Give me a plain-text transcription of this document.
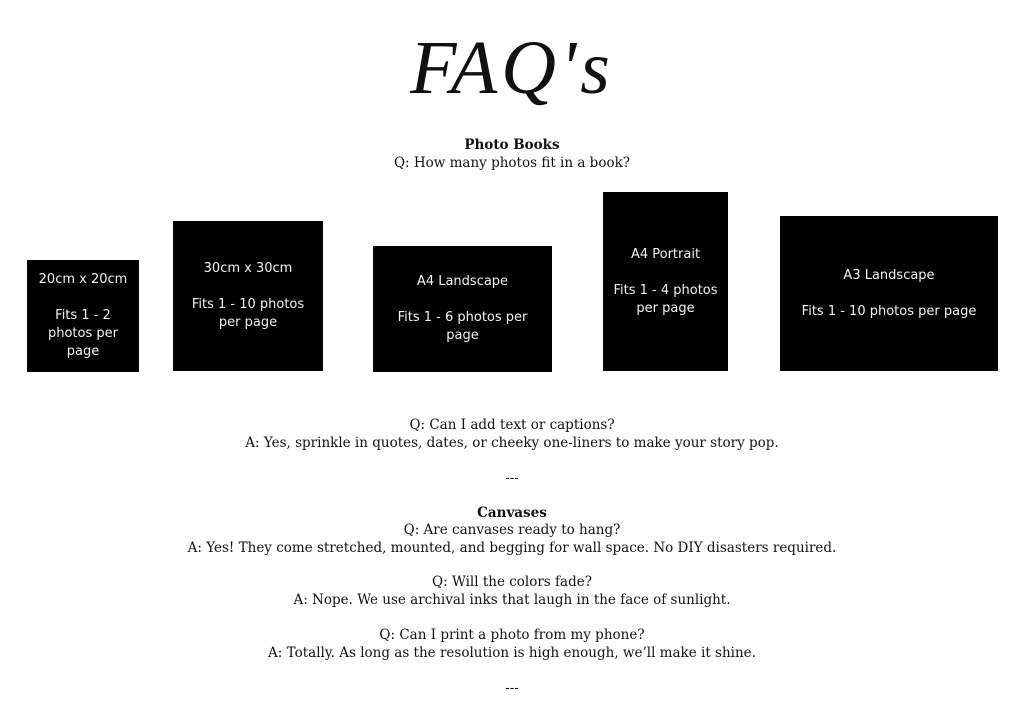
FAQ's
Photo Books
Q: How many photos fit in a book?
20cm x 20cm
Fits 1 - 2 photos per page
30cm x 30cm
Fits 1 - 10 photos per page
A4 Landscape
Fits 1 - 6 photos per page
A4 Portrait
Fits 1 - 4 photos per page
A3 Landscape
Fits 1 - 10 photos per page
Q: Can I add text or captions?
A: Yes, sprinkle in quotes, dates, or cheeky one-liners to make your story pop.
---
Canvases
Q: Are canvases ready to hang?
A: Yes! They come stretched, mounted, and begging for wall space. No DIY disasters required.
Q: Will the colors fade?
A: Nope. We use archival inks that laugh in the face of sunlight.
Q: Can I print a photo from my phone?
A: Totally. As long as the resolution is high enough, we’ll make it shine.
---
